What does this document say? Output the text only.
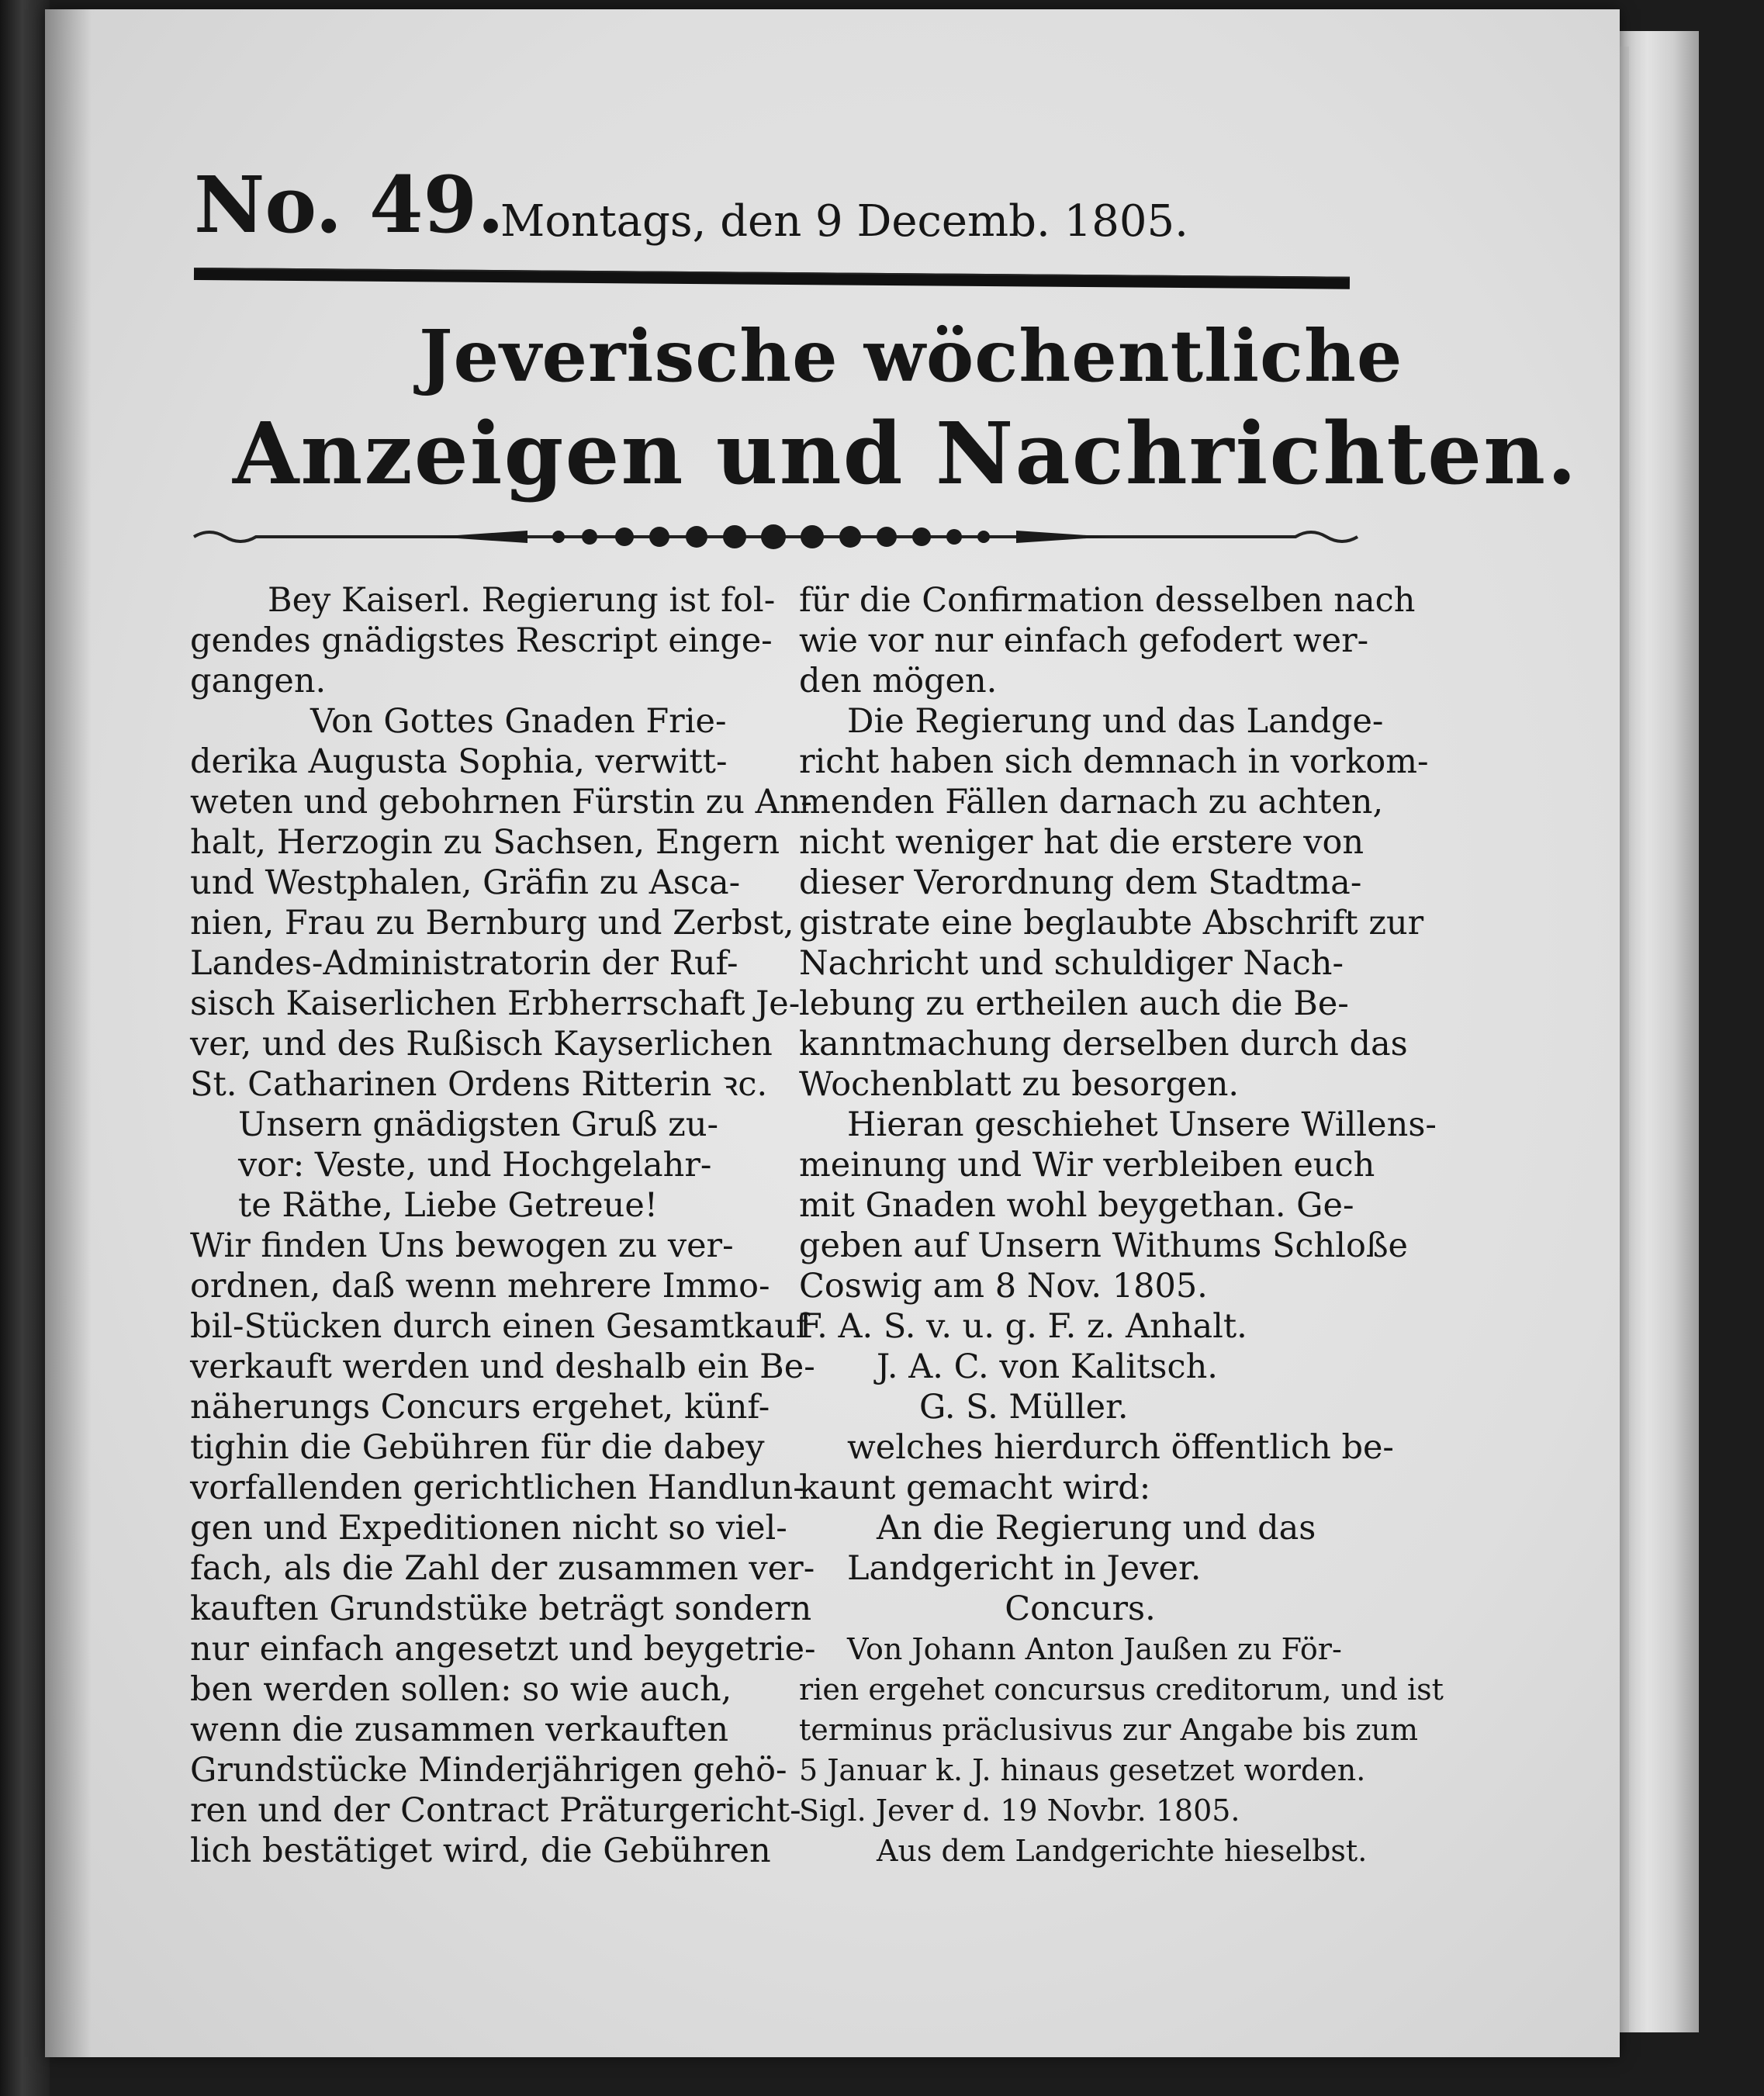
No. 49.
Montags, den 9 Decemb. 1805.
Jeverische wöchentliche
Anzeigen und Nachrichten.
Bey Kaiserl. Regierung ist fol-
gendes gnädigstes Rescript einge-
gangen.
Von Gottes Gnaden Frie-
derika Augusta Sophia, verwitt-
weten und gebohrnen Fürstin zu An-
halt, Herzogin zu Sachsen, Engern
und Westphalen, Gräfin zu Asca-
nien, Frau zu Bernburg und Zerbst,
Landes-Administratorin der Ruf-
sisch Kaiserlichen Erbherrschaft Je-
ver, und des Rußisch Kayserlichen
St. Catharinen Ordens Ritterin ꝛc.
Unsern gnädigsten Gruß zu-
vor: Veste, und Hochgelahr-
te Räthe, Liebe Getreue!
Wir finden Uns bewogen zu ver-
ordnen, daß wenn mehrere Immo-
bil-Stücken durch einen Gesamtkauf
verkauft werden und deshalb ein Be-
näherungs Concurs ergehet, künf-
tighin die Gebühren für die dabey
vorfallenden gerichtlichen Handlun-
gen und Expeditionen nicht so viel-
fach, als die Zahl der zusammen ver-
kauften Grundstüke beträgt sondern
nur einfach angesetzt und beygetrie-
ben werden sollen: so wie auch,
wenn die zusammen verkauften
Grundstücke Minderjährigen gehö-
ren und der Contract Präturgericht-
lich bestätiget wird, die Gebühren
für die Confirmation desselben nach
wie vor nur einfach gefodert wer-
den mögen.
Die Regierung und das Landge-
richt haben sich demnach in vorkom-
menden Fällen darnach zu achten,
nicht weniger hat die erstere von
dieser Verordnung dem Stadtma-
gistrate eine beglaubte Abschrift zur
Nachricht und schuldiger Nach-
lebung zu ertheilen auch die Be-
kanntmachung derselben durch das
Wochenblatt zu besorgen.
Hieran geschiehet Unsere Willens-
meinung und Wir verbleiben euch
mit Gnaden wohl beygethan. Ge-
geben auf Unsern Withums Schloße
Coswig am 8 Nov. 1805.
F. A. S. v. u. g. F. z. Anhalt.
J. A. C. von Kalitsch.
G. S. Müller.
welches hierdurch öffentlich be-
kaunt gemacht wird:
An die Regierung und das
Landgericht in Jever.
Concurs.
Von Johann Anton Jaußen zu För-
rien ergehet concursus creditorum, und ist
terminus präclusivus zur Angabe bis zum
5 Januar k. J. hinaus gesetzet worden.
Sigl. Jever d. 19 Novbr. 1805.
Aus dem Landgerichte hieselbst.
